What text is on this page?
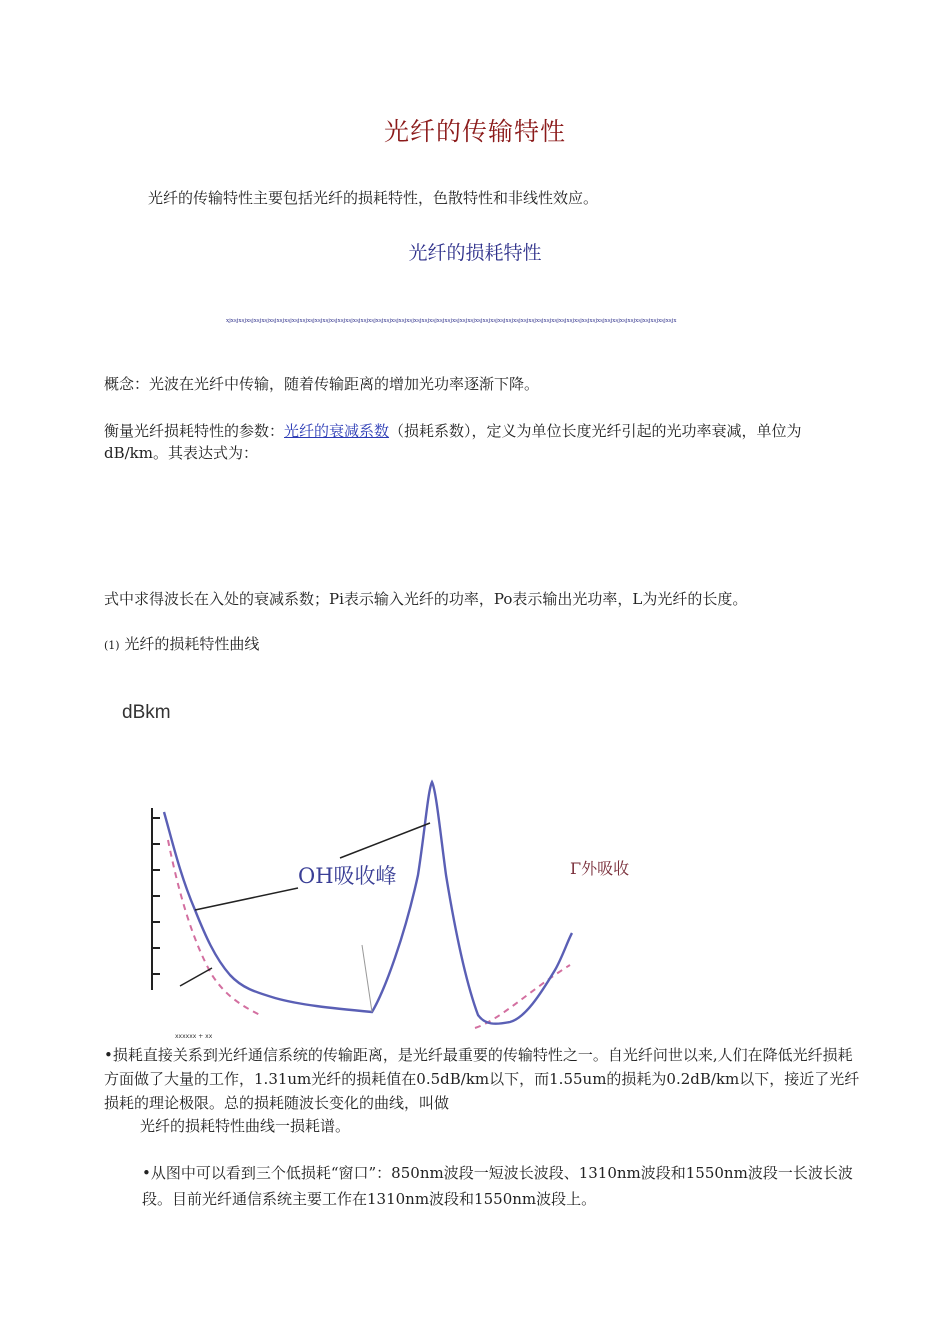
光纤的传输特性
光纤的传输特性主要包括光纤的损耗特性，色散特性和非线性效应。
光纤的损耗特性
xjxsjxsjxsjxsjxsjxsjxsjxsjxsjxsjxsjxsjxsjxsjxsjxsjxsjxsjxsjxsjxsjxsjxsjxsjxsjxsjxsjxsjxsjxsjxsjxsjxsjxsjxsjxsjxsjxsjxsjxsjxsjxsjxsjxsjxsjxsjxsjxsjxsjxsjxsjxsjxsjxsjxsjxsjxsjxsjx
概念：光波在光纤中传输，随着传输距离的增加光功率逐渐下降。
衡量光纤损耗特性的参数：光纤的衰减系数（损耗系数），定义为单位长度光纤引起的光功率衰减，单位为dB/km。其表达式为：
式中求得波长在入处的衰减系数；Pi表示输入光纤的功率，Po表示输出光功率，L为光纤的长度。
(1) 光纤的损耗特性曲线
dBkm
OH吸收峰	Γ外吸收
xxxxxx + xx
•损耗直接关系到光纤通信系统的传输距离，是光纤最重要的传输特性之一。自光纤问世以来,人们在降低光纤损耗方面做了大量的工作，1.31um光纤的损耗值在0.5dB/km以下，而1.55um的损耗为0.2dB/km以下，接近了光纤损耗的理论极限。总的损耗随波长变化的曲线，叫做
光纤的损耗特性曲线一损耗谱。
•从图中可以看到三个低损耗“窗口”：850nm波段一短波长波段、1310nm波段和1550nm波段一长波长波段。目前光纤通信系统主要工作在1310nm波段和1550nm波段上。
